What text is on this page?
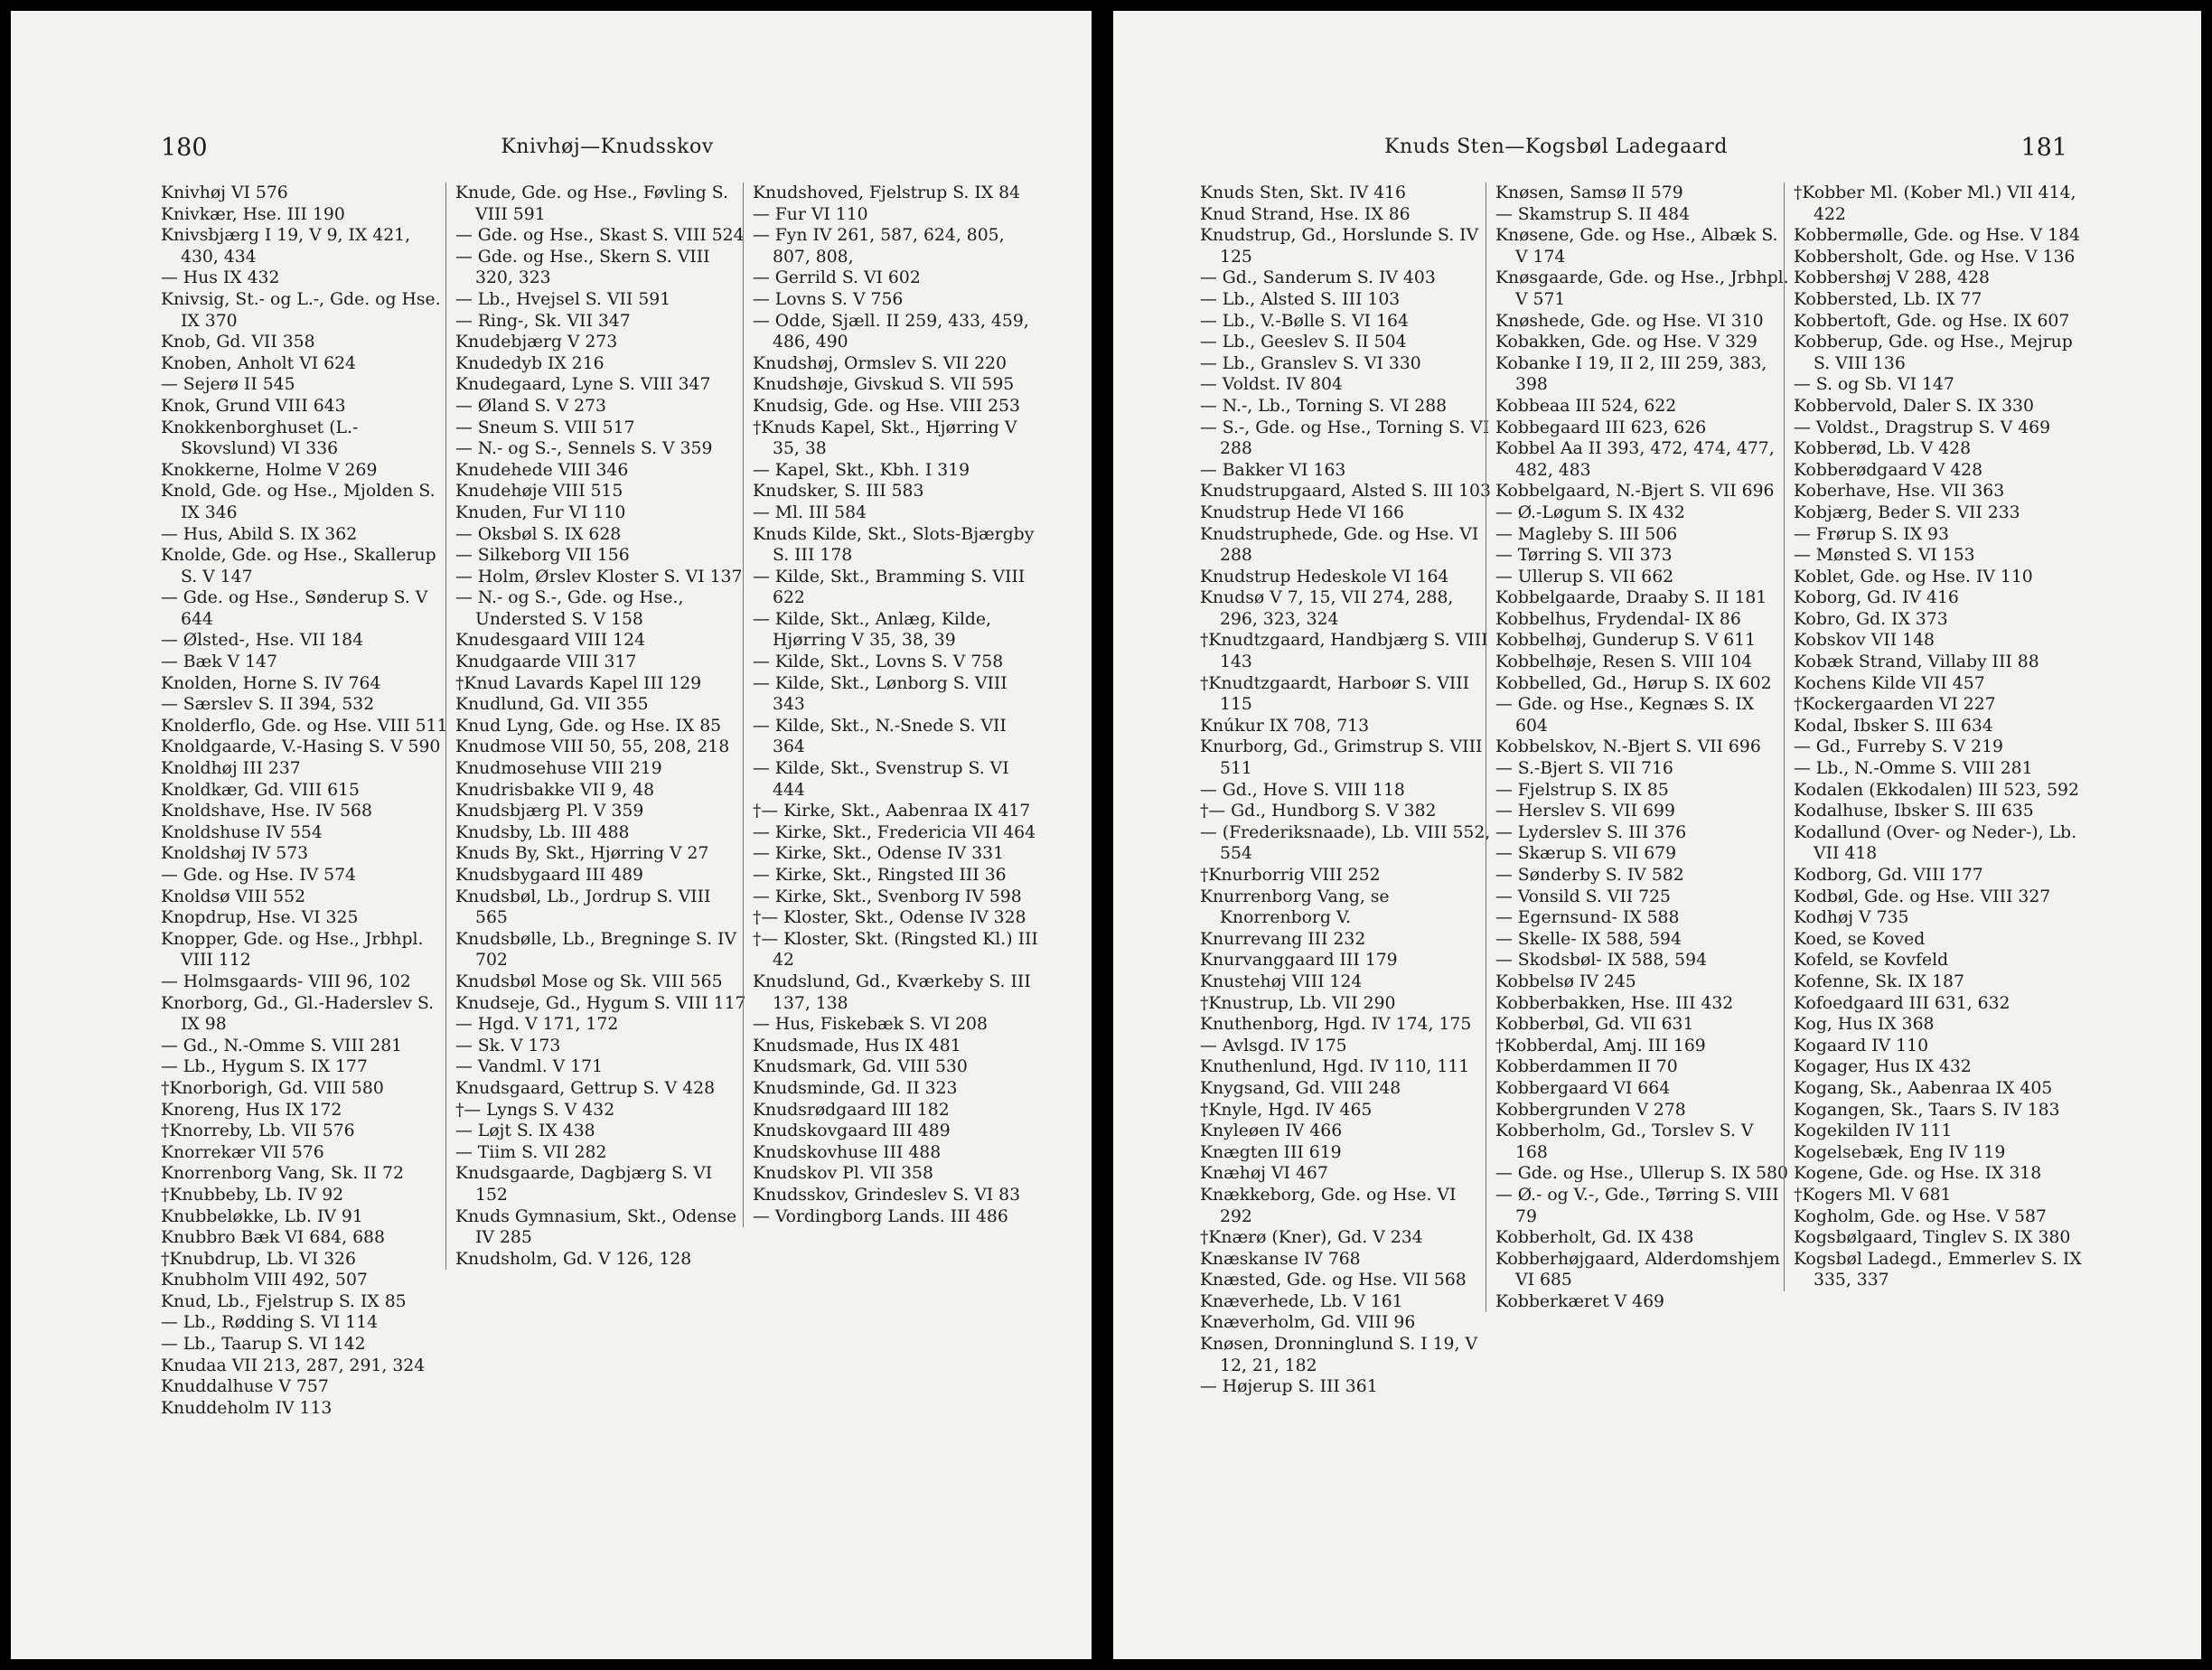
180	Knivhøj—Knudsskov
Knivhøj VI 576
Knivkær, Hse. III 190
Knivsbjærg I 19, V 9, IX 421, 430, 434
— Hus IX 432
Knivsig, St.- og L.-, Gde. og Hse. IX 370
Knob, Gd. VII 358
Knoben, Anholt VI 624
— Sejerø II 545
Knok, Grund VIII 643
Knokkenborghuset (L.-Skovslund) VI 336
Knokkerne, Holme V 269
Knold, Gde. og Hse., Mjolden S. IX 346
— Hus, Abild S. IX 362
Knolde, Gde. og Hse., Skallerup S. V 147
— Gde. og Hse., Sønderup S. V 644
— Ølsted-, Hse. VII 184
— Bæk V 147
Knolden, Horne S. IV 764
— Særslev S. II 394, 532
Knolderflo, Gde. og Hse. VIII 511
Knoldgaarde, V.-Hasing S. V 590
Knoldhøj III 237
Knoldkær, Gd. VIII 615
Knoldshave, Hse. IV 568
Knoldshuse IV 554
Knoldshøj IV 573
— Gde. og Hse. IV 574
Knoldsø VIII 552
Knopdrup, Hse. VI 325
Knopper, Gde. og Hse., Jrbhpl. VIII 112
— Holmsgaards- VIII 96, 102
Knorborg, Gd., Gl.-Haderslev S. IX 98
— Gd., N.-Omme S. VIII 281
— Lb., Hygum S. IX 177
†Knorborigh, Gd. VIII 580
Knoreng, Hus IX 172
†Knorreby, Lb. VII 576
Knorrekær VII 576
Knorrenborg Vang, Sk. II 72
†Knubbeby, Lb. IV 92
Knubbeløkke, Lb. IV 91
Knubbro Bæk VI 684, 688
†Knubdrup, Lb. VI 326
Knubholm VIII 492, 507
Knud, Lb., Fjelstrup S. IX 85
— Lb., Rødding S. VI 114
— Lb., Taarup S. VI 142
Knudaa VII 213, 287, 291, 324
Knuddalhuse V 757
Knuddeholm IV 113
Knude, Gde. og Hse., Føvling S. VIII 591
— Gde. og Hse., Skast S. VIII 524
— Gde. og Hse., Skern S. VIII 320, 323
— Lb., Hvejsel S. VII 591
— Ring-, Sk. VII 347
Knudebjærg V 273
Knudedyb IX 216
Knudegaard, Lyne S. VIII 347
— Øland S. V 273
— Sneum S. VIII 517
— N.- og S.-, Sennels S. V 359
Knudehede VIII 346
Knudehøje VIII 515
Knuden, Fur VI 110
— Oksbøl S. IX 628
— Silkeborg VII 156
— Holm, Ørslev Kloster S. VI 137
— N.- og S.-, Gde. og Hse., Understed S. V 158
Knudesgaard VIII 124
Knudgaarde VIII 317
†Knud Lavards Kapel III 129
Knudlund, Gd. VII 355
Knud Lyng, Gde. og Hse. IX 85
Knudmose VIII 50, 55, 208, 218
Knudmosehuse VIII 219
Knudrisbakke VII 9, 48
Knudsbjærg Pl. V 359
Knudsby, Lb. III 488
Knuds By, Skt., Hjørring V 27
Knudsbygaard III 489
Knudsbøl, Lb., Jordrup S. VIII 565
Knudsbølle, Lb., Bregninge S. IV 702
Knudsbøl Mose og Sk. VIII 565
Knudseje, Gd., Hygum S. VIII 117
— Hgd. V 171, 172
— Sk. V 173
— Vandml. V 171
Knudsgaard, Gettrup S. V 428
†— Lyngs S. V 432
— Løjt S. IX 438
— Tiim S. VII 282
Knudsgaarde, Dagbjærg S. VI 152
Knuds Gymnasium, Skt., Odense IV 285
Knudsholm, Gd. V 126, 128
Knudshoved, Fjelstrup S. IX 84
— Fur VI 110
— Fyn IV 261, 587, 624, 805, 807, 808,
— Gerrild S. VI 602
— Lovns S. V 756
— Odde, Sjæll. II 259, 433, 459, 486, 490
Knudshøj, Ormslev S. VII 220
Knudshøje, Givskud S. VII 595
Knudsig, Gde. og Hse. VIII 253
†Knuds Kapel, Skt., Hjørring V 35, 38
— Kapel, Skt., Kbh. I 319
Knudsker, S. III 583
— Ml. III 584
Knuds Kilde, Skt., Slots-Bjærgby S. III 178
— Kilde, Skt., Bramming S. VIII 622
— Kilde, Skt., Anlæg, Kilde, Hjørring V 35, 38, 39
— Kilde, Skt., Lovns S. V 758
— Kilde, Skt., Lønborg S. VIII 343
— Kilde, Skt., N.-Snede S. VII 364
— Kilde, Skt., Svenstrup S. VI 444
†— Kirke, Skt., Aabenraa IX 417
— Kirke, Skt., Fredericia VII 464
— Kirke, Skt., Odense IV 331
— Kirke, Skt., Ringsted III 36
— Kirke, Skt., Svenborg IV 598
†— Kloster, Skt., Odense IV 328
†— Kloster, Skt. (Ringsted Kl.) III 42
Knudslund, Gd., Kværkeby S. III 137, 138
— Hus, Fiskebæk S. VI 208
Knudsmade, Hus IX 481
Knudsmark, Gd. VIII 530
Knudsminde, Gd. II 323
Knudsrødgaard III 182
Knudskovgaard III 489
Knudskovhuse III 488
Knudskov Pl. VII 358
Knudsskov, Grindeslev S. VI 83
— Vordingborg Lands. III 486
Knuds Sten—Kogsbøl Ladegaard	181
Knuds Sten, Skt. IV 416
Knud Strand, Hse. IX 86
Knudstrup, Gd., Horslunde S. IV 125
— Gd., Sanderum S. IV 403
— Lb., Alsted S. III 103
— Lb., V.-Bølle S. VI 164
— Lb., Geeslev S. II 504
— Lb., Granslev S. VI 330
— Voldst. IV 804
— N.-, Lb., Torning S. VI 288
— S.-, Gde. og Hse., Torning S. VI 288
— Bakker VI 163
Knudstrupgaard, Alsted S. III 103
Knudstrup Hede VI 166
Knudstruphede, Gde. og Hse. VI 288
Knudstrup Hedeskole VI 164
Knudsø V 7, 15, VII 274, 288, 296, 323, 324
†Knudtzgaard, Handbjærg S. VIII 143
†Knudtzgaardt, Harboør S. VIII 115
Knúkur IX 708, 713
Knurborg, Gd., Grimstrup S. VIII 511
— Gd., Hove S. VIII 118
†— Gd., Hundborg S. V 382
— (Frederiksnaade), Lb. VIII 552, 554
†Knurborrig VIII 252
Knurrenborg Vang, se Knorrenborg V.
Knurrevang III 232
Knurvanggaard III 179
Knustehøj VIII 124
†Knustrup, Lb. VII 290
Knuthenborg, Hgd. IV 174, 175
— Avlsgd. IV 175
Knuthenlund, Hgd. IV 110, 111
Knygsand, Gd. VIII 248
†Knyle, Hgd. IV 465
Knyleøen IV 466
Knægten III 619
Knæhøj VI 467
Knækkeborg, Gde. og Hse. VI 292
†Knærø (Kner), Gd. V 234
Knæskanse IV 768
Knæsted, Gde. og Hse. VII 568
Knæverhede, Lb. V 161
Knæverholm, Gd. VIII 96
Knøsen, Dronninglund S. I 19, V 12, 21, 182
— Højerup S. III 361
Knøsen, Samsø II 579
— Skamstrup S. II 484
Knøsene, Gde. og Hse., Albæk S. V 174
Knøsgaarde, Gde. og Hse., Jrbhpl. V 571
Knøshede, Gde. og Hse. VI 310
Kobakken, Gde. og Hse. V 329
Kobanke I 19, II 2, III 259, 383, 398
Kobbeaa III 524, 622
Kobbegaard III 623, 626
Kobbel Aa II 393, 472, 474, 477, 482, 483
Kobbelgaard, N.-Bjert S. VII 696
— Ø.-Løgum S. IX 432
— Magleby S. III 506
— Tørring S. VII 373
— Ullerup S. VII 662
Kobbelgaarde, Draaby S. II 181
Kobbelhus, Frydendal- IX 86
Kobbelhøj, Gunderup S. V 611
Kobbelhøje, Resen S. VIII 104
Kobbelled, Gd., Hørup S. IX 602
— Gde. og Hse., Kegnæs S. IX 604
Kobbelskov, N.-Bjert S. VII 696
— S.-Bjert S. VII 716
— Fjelstrup S. IX 85
— Herslev S. VII 699
— Lyderslev S. III 376
— Skærup S. VII 679
— Sønderby S. IV 582
— Vonsild S. VII 725
— Egernsund- IX 588
— Skelle- IX 588, 594
— Skodsbøl- IX 588, 594
Kobbelsø IV 245
Kobberbakken, Hse. III 432
Kobberbøl, Gd. VII 631
†Kobberdal, Amj. III 169
Kobberdammen II 70
Kobbergaard VI 664
Kobbergrunden V 278
Kobberholm, Gd., Torslev S. V 168
— Gde. og Hse., Ullerup S. IX 580
— Ø.- og V.-, Gde., Tørring S. VIII 79
Kobberholt, Gd. IX 438
Kobberhøjgaard, Alderdomshjem VI 685
Kobberkæret V 469
†Kobber Ml. (Kober Ml.) VII 414, 422
Kobbermølle, Gde. og Hse. V 184
Kobbersholt, Gde. og Hse. V 136
Kobbershøj V 288, 428
Kobbersted, Lb. IX 77
Kobbertoft, Gde. og Hse. IX 607
Kobberup, Gde. og Hse., Mejrup S. VIII 136
— S. og Sb. VI 147
Kobbervold, Daler S. IX 330
— Voldst., Dragstrup S. V 469
Kobberød, Lb. V 428
Kobberødgaard V 428
Koberhave, Hse. VII 363
Kobjærg, Beder S. VII 233
— Frørup S. IX 93
— Mønsted S. VI 153
Koblet, Gde. og Hse. IV 110
Koborg, Gd. IV 416
Kobro, Gd. IX 373
Kobskov VII 148
Kobæk Strand, Villaby III 88
Kochens Kilde VII 457
†Kockergaarden VI 227
Kodal, Ibsker S. III 634
— Gd., Furreby S. V 219
— Lb., N.-Omme S. VIII 281
Kodalen (Ekkodalen) III 523, 592
Kodalhuse, Ibsker S. III 635
Kodallund (Over- og Neder-), Lb. VII 418
Kodborg, Gd. VIII 177
Kodbøl, Gde. og Hse. VIII 327
Kodhøj V 735
Koed, se Koved
Kofeld, se Kovfeld
Kofenne, Sk. IX 187
Kofoedgaard III 631, 632
Kog, Hus IX 368
Kogaard IV 110
Kogager, Hus IX 432
Kogang, Sk., Aabenraa IX 405
Kogangen, Sk., Taars S. IV 183
Kogekilden IV 111
Kogelsebæk, Eng IV 119
Kogene, Gde. og Hse. IX 318
†Kogers Ml. V 681
Kogholm, Gde. og Hse. V 587
Kogsbølgaard, Tinglev S. IX 380
Kogsbøl Ladegd., Emmerlev S. IX 335, 337
